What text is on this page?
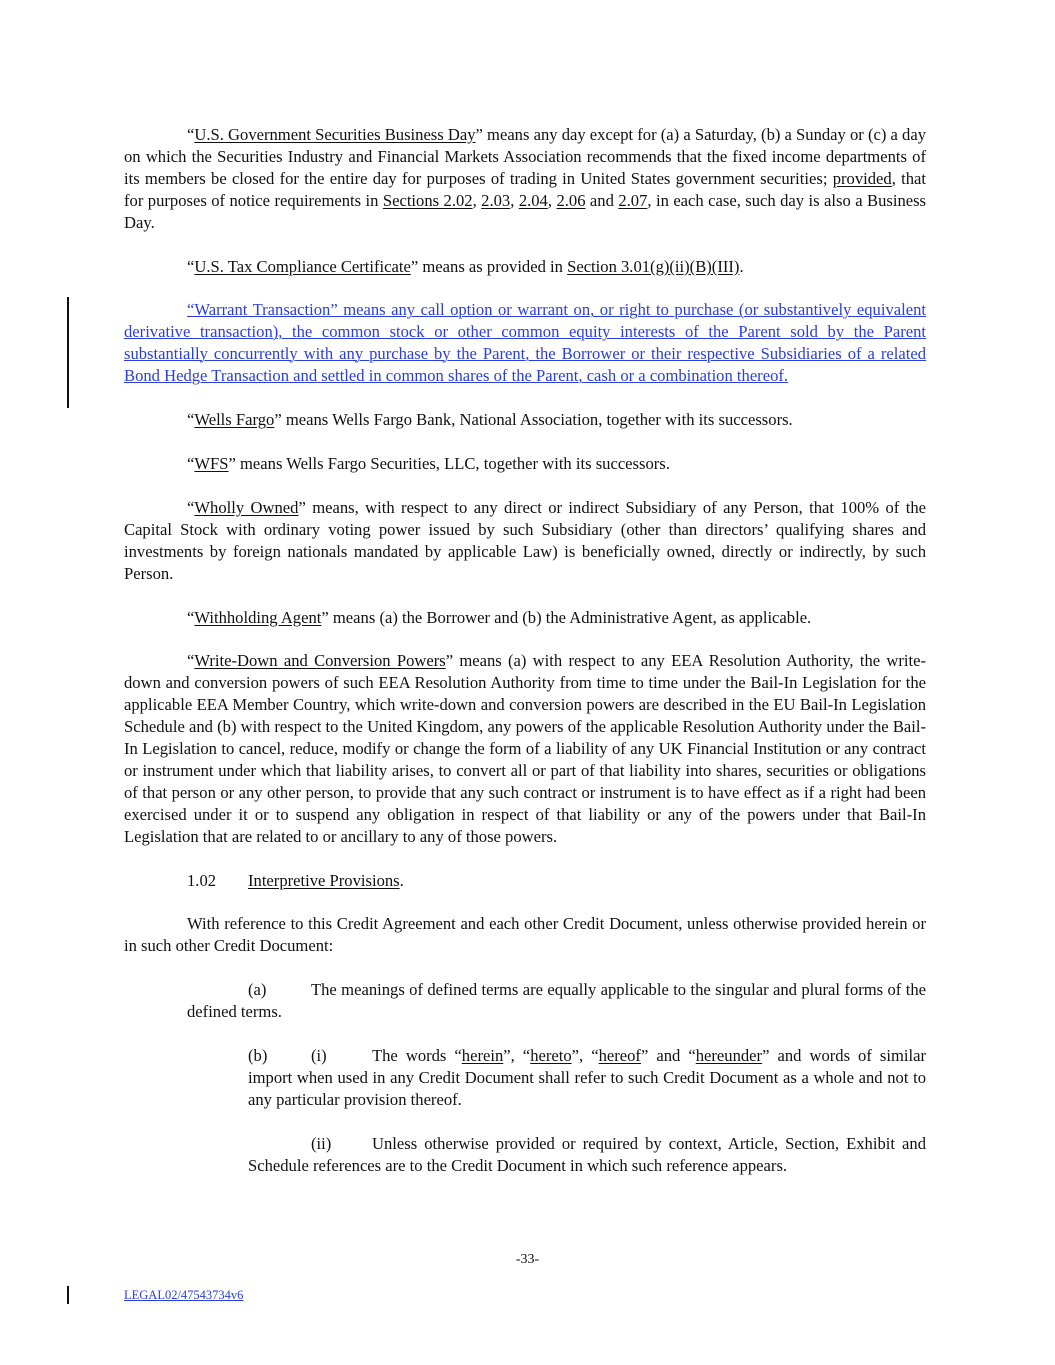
“U.S. Government Securities Business Day” means any day except for (a) a Saturday, (b) a Sunday or (c) a day on which the Securities Industry and Financial Markets Association recommends that the fixed income departments of its members be closed for the entire day for purposes of trading in United States government securities; provided, that for purposes of notice requirements in Sections 2.02, 2.03, 2.04, 2.06 and 2.07, in each case, such day is also a Business Day.

“U.S. Tax Compliance Certificate” means as provided in Section 3.01(g)(ii)(B)(III).

“Warrant Transaction” means any call option or warrant on, or right to purchase (or substantively equivalent derivative transaction), the common stock or other common equity interests of the Parent sold by the Parent substantially concurrently with any purchase by the Parent, the Borrower or their respective Subsidiaries of a related Bond Hedge Transaction and settled in common shares of the Parent, cash or a combination thereof.

“Wells Fargo” means Wells Fargo Bank, National Association, together with its successors.

“WFS” means Wells Fargo Securities, LLC, together with its successors.

“Wholly Owned” means, with respect to any direct or indirect Subsidiary of any Person, that 100% of the Capital Stock with ordinary voting power issued by such Subsidiary (other than directors’ qualifying shares and investments by foreign nationals mandated by applicable Law) is beneficially owned, directly or indirectly, by such Person.

“Withholding Agent” means (a) the Borrower and (b) the Administrative Agent, as applicable.

“Write-Down and Conversion Powers” means (a) with respect to any EEA Resolution Authority, the write-down and conversion powers of such EEA Resolution Authority from time to time under the Bail-In Legislation for the applicable EEA Member Country, which write-down and conversion powers are described in the EU Bail-In Legislation Schedule and (b) with respect to the United Kingdom, any powers of the applicable Resolution Authority under the Bail-In Legislation to cancel, reduce, modify or change the form of a liability of any UK Financial Institution or any contract or instrument under which that liability arises, to convert all or part of that liability into shares, securities or obligations of that person or any other person, to provide that any such contract or instrument is to have effect as if a right had been exercised under it or to suspend any obligation in respect of that liability or any of the powers under that Bail-In Legislation that are related to or ancillary to any of those powers.

1.02 Interpretive Provisions.

With reference to this Credit Agreement and each other Credit Document, unless otherwise provided herein or in such other Credit Document:

(a)	The meanings of defined terms are equally applicable to the singular and plural forms of the defined terms.

(b)	(i)	The words “herein”, “hereto”, “hereof” and “hereunder” and words of similar import when used in any Credit Document shall refer to such Credit Document as a whole and not to any particular provision thereof.

(ii) Unless otherwise provided or required by context, Article, Section, Exhibit and Schedule references are to the Credit Document in which such reference appears.

-33-
LEGAL02/47543734v6
